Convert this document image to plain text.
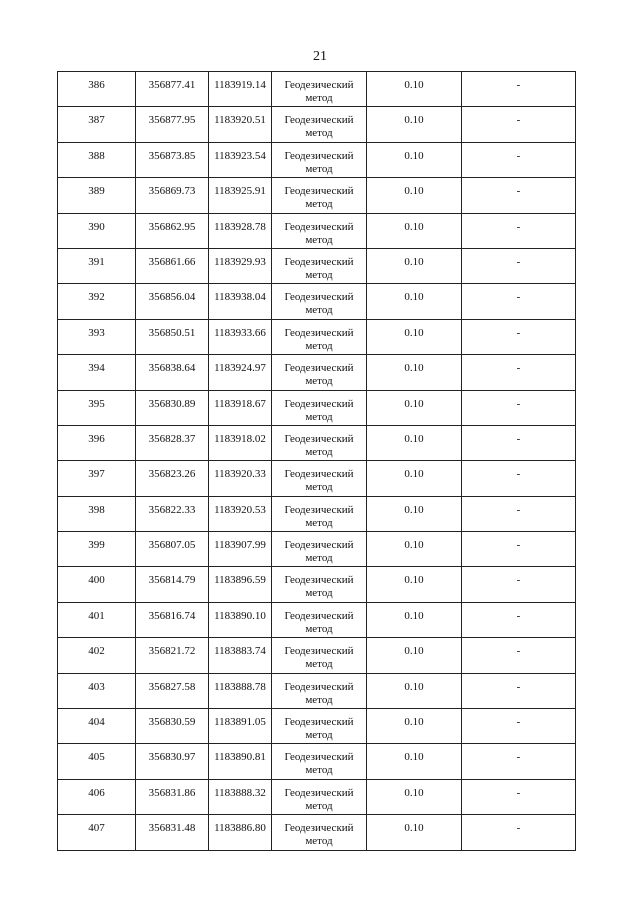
21
386	356877.41	1183919.14	Геодезический метод	0.10	-

387	356877.95	1183920.51	Геодезический метод	0.10	-

388	356873.85	1183923.54	Геодезический метод	0.10	-

389	356869.73	1183925.91	Геодезический метод	0.10	-

390	356862.95	1183928.78	Геодезический метод	0.10	-

391	356861.66	1183929.93	Геодезический метод	0.10	-

392	356856.04	1183938.04	Геодезический метод	0.10	-

393	356850.51	1183933.66	Геодезический метод	0.10	-

394	356838.64	1183924.97	Геодезический метод	0.10	-

395	356830.89	1183918.67	Геодезический метод	0.10	-

396	356828.37	1183918.02	Геодезический метод	0.10	-

397	356823.26	1183920.33	Геодезический метод	0.10	-

398	356822.33	1183920.53	Геодезический метод	0.10	-

399	356807.05	1183907.99	Геодезический метод	0.10	-

400	356814.79	1183896.59	Геодезический метод	0.10	-

401	356816.74	1183890.10	Геодезический метод	0.10	-

402	356821.72	1183883.74	Геодезический метод	0.10	-

403	356827.58	1183888.78	Геодезический метод	0.10	-

404	356830.59	1183891.05	Геодезический метод	0.10	-

405	356830.97	1183890.81	Геодезический метод	0.10	-

406	356831.86	1183888.32	Геодезический метод	0.10	-

407	356831.48	1183886.80	Геодезический метод	0.10	-
